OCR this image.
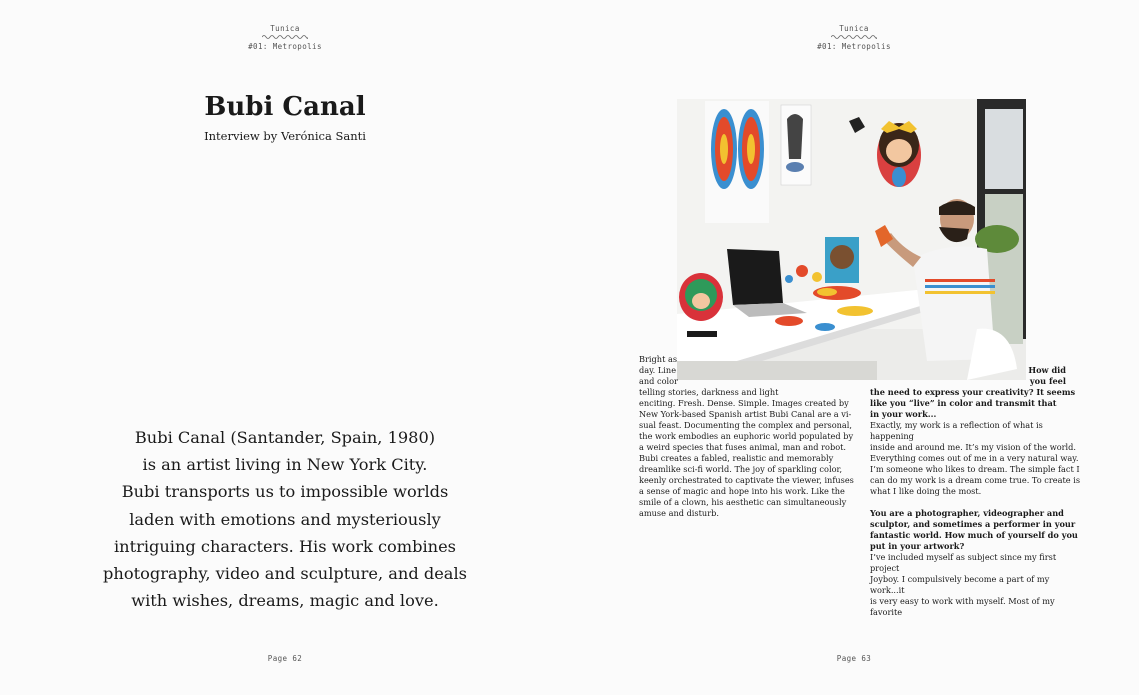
Tunica
#01: Metropolis
Bubi Canal
Interview by Verónica Santi
Bubi Canal (Santander, Spain, 1980)
is an artist living in New York City.
Bubi transports us to impossible worlds
laden with emotions and mysteriously
intriguing characters. His work combines
photography, video and sculpture, and deals
with wishes, dreams, magic and love.
Page 62
Tunica
#01: Metropolis

Bright as

day. Line

and color

telling stories, darkness and light

enciting. Fresh. Dense. Simple. Images created by

New York-based Spanish artist Bubi Canal are a vi-

sual feast. Documenting the complex and personal,

the work embodies an euphoric world populated by

a weird species that fuses animal, man and robot.

Bubi creates a fabled, realistic and memorably

dreamlike sci-fi world. The joy of sparkling color,

keenly orchestrated to captivate the viewer, infuses

a sense of magic and hope into his work. Like the

smile of a clown, his aesthetic can simultaneously

amuse and disturb.

How did

you feel

the need to express your creativity? It seems

like you “live” in color and transmit that

in your work...

Exactly, my work is a reflection of what is happening

inside and around me. It’s my vision of the world.

Everything comes out of me in a very natural way.

I’m someone who likes to dream. The simple fact I

can do my work is a dream come true. To create is

what I like doing the most.

You are a photographer, videographer and

sculptor, and sometimes a performer in your

fantastic world. How much of yourself do you

put in your artwork?

I’ve included myself as subject since my first project

Joyboy. I compulsively become a part of my work...it

is very easy to work with myself. Most of my favorite

Page 63
